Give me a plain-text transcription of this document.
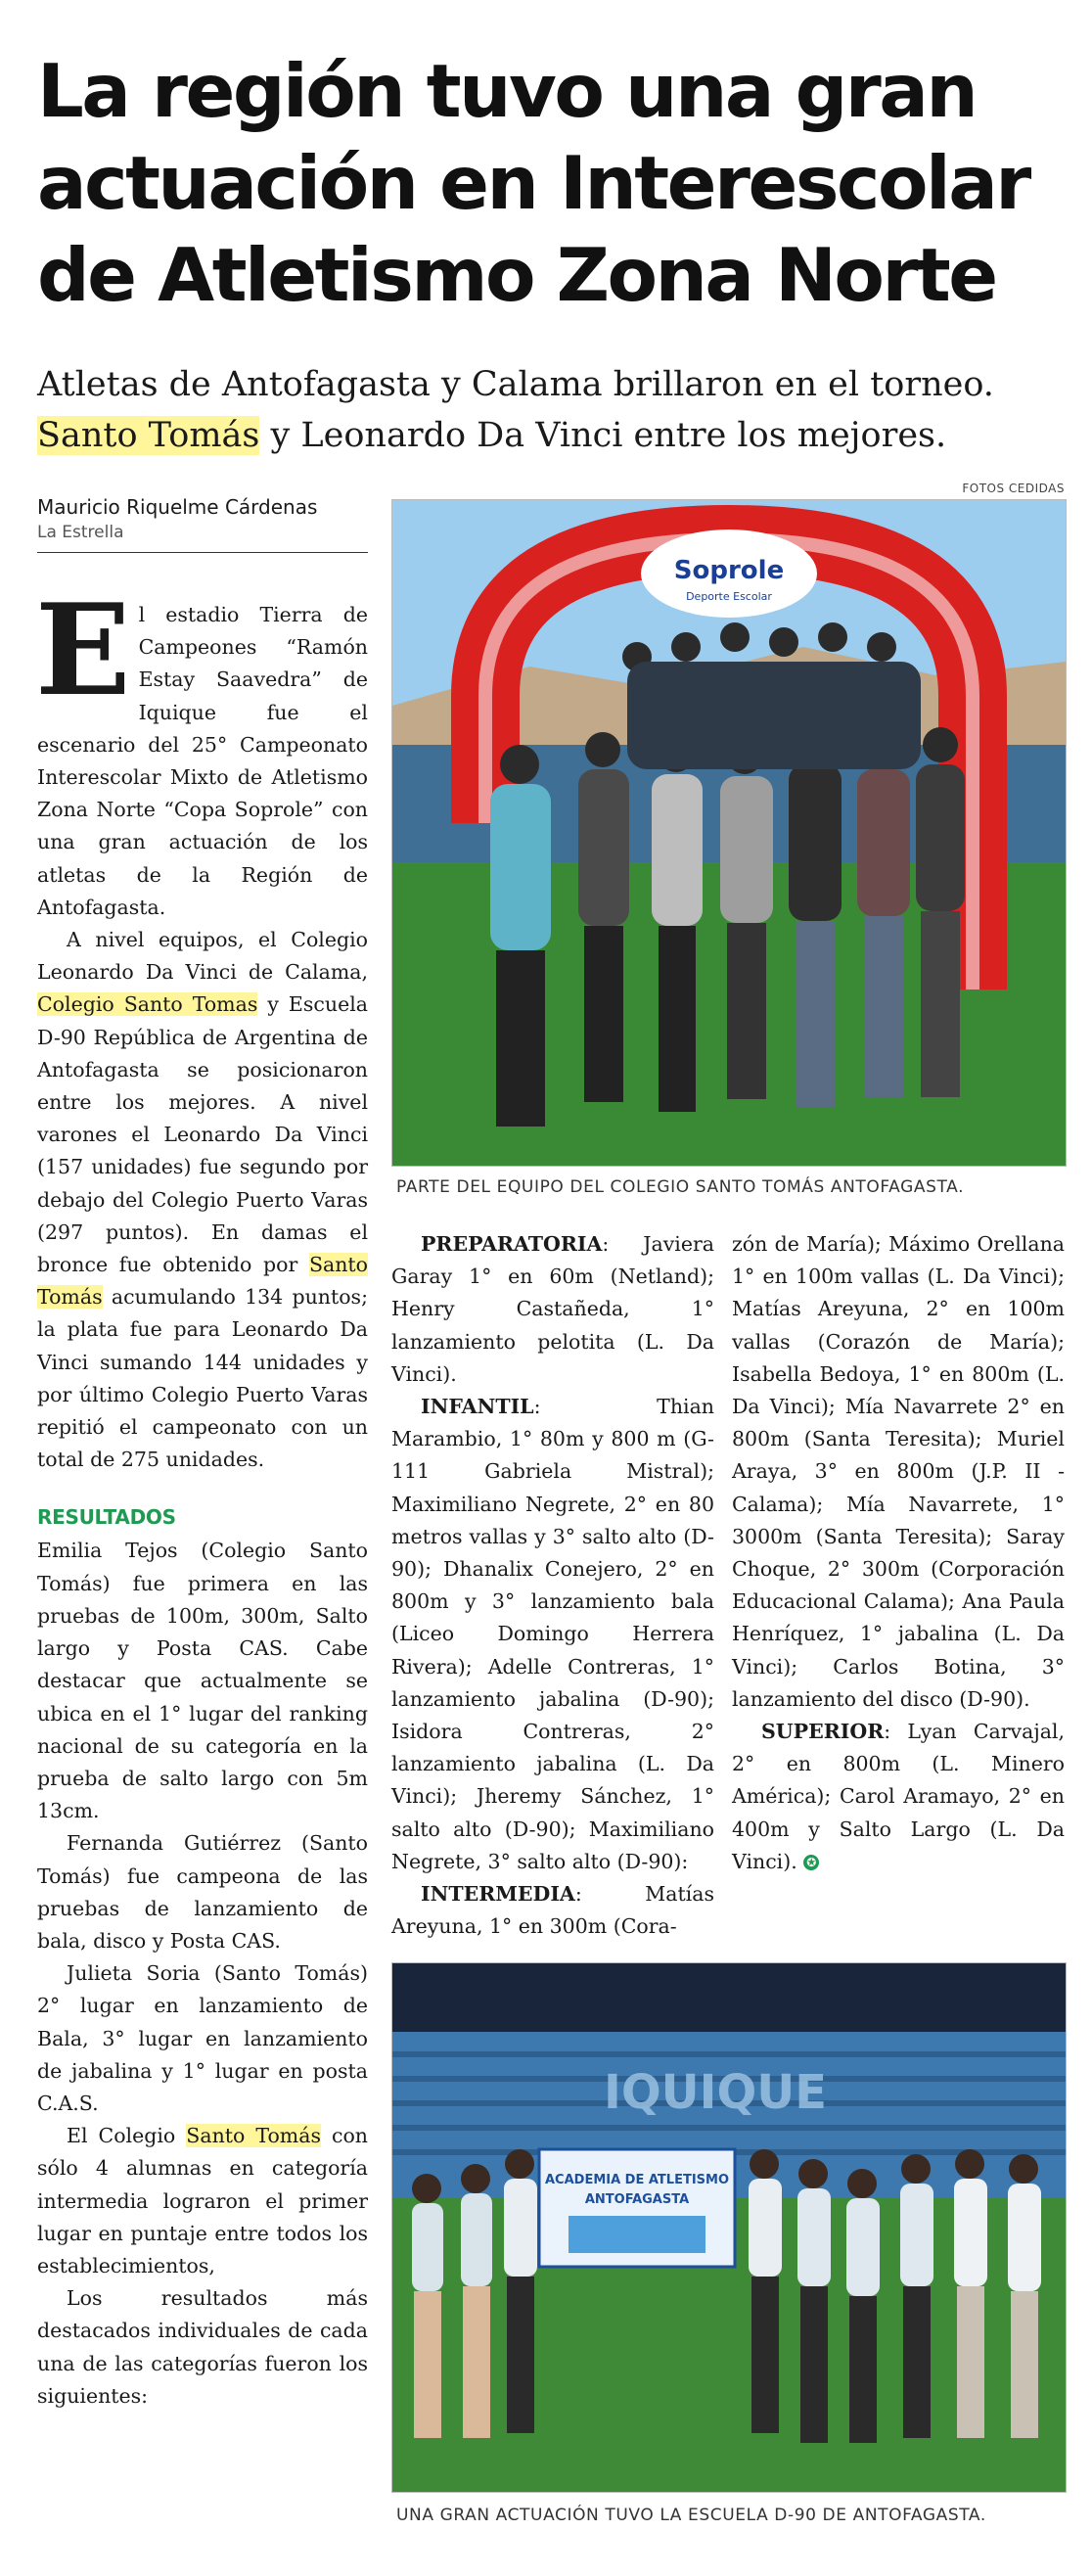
La región tuvo una gran
actuación en Interescolar
de Atletismo Zona Norte
Atletas de Antofagasta y Calama brillaron en el torneo.
Santo Tomás y Leonardo Da Vinci entre los mejores.
Mauricio Riquelme Cárdenas
La Estrella
FOTOS CEDIDAS

El estadio Tierra de Campeones “Ramón Estay Saavedra” de Iquique fue el escenario del 25° Campeonato Interescolar Mixto de Atletismo Zona Norte “Copa Soprole” con una gran actuación de los atletas de la Región de Antofagasta.

A nivel equipos, el Colegio Leonardo Da Vinci de Calama, Colegio Santo Tomas y Escuela D-90 República de Argentina de Antofagasta se posicionaron entre los mejores. A nivel varones el Leonardo Da Vinci (157 unidades) fue segundo por debajo del Colegio Puerto Varas (297 puntos). En damas el bronce fue obtenido por Santo Tomás acumulando 134 puntos; la plata fue para Leonardo Da Vinci sumando 144 unidades y por último Colegio Puerto Varas repitió el campeonato con un total de 275 unidades.

RESULTADOS

Emilia Tejos (Colegio Santo Tomás) fue primera en las pruebas de 100m, 300m, Salto largo y Posta CAS. Cabe destacar que actualmente se ubica en el 1° lugar del ranking nacional de su categoría en la prueba de salto largo con 5m 13cm.

Fernanda Gutiérrez (Santo Tomás) fue campeona de las pruebas de lanzamiento de bala, disco y Posta CAS.

Julieta Soria (Santo Tomás) 2° lugar en lanzamiento de Bala, 3° lugar en lanzamiento de jabalina y 1° lugar en posta C.A.S.

El Colegio Santo Tomás con sólo 4 alumnas en categoría intermedia lograron el primer lugar en puntaje entre todos los establecimientos,

Los resultados más destacados individuales de cada una de las categorías fueron los siguientes:

Soprole
Deporte Escolar
PARTE DEL EQUIPO DEL COLEGIO SANTO TOMÁS ANTOFAGASTA.

PREPARATORIA: Javiera Garay 1° en 60m (Netland); Henry Castañeda, 1° lanzamiento pelotita (L. Da Vinci).

INFANTIL: Thian Marambio, 1° 80m y 800 m (G-111 Gabriela Mistral); Maximiliano Negrete, 2° en 80 metros vallas y 3° salto alto (D-90); Dhanalix Conejero, 2° en 800m y 3° lanzamiento bala (Liceo Domingo Herrera Rivera); Adelle Contreras, 1° lanzamiento jabalina (D-90); Isidora Contreras, 2° lanzamiento jabalina (L. Da Vinci); Jheremy Sánchez, 1° salto alto (D-90); Maximiliano Negrete, 3° salto alto (D-90):

INTERMEDIA: Matías Areyuna, 1° en 300m (Cora-

zón de María); Máximo Orellana 1° en 100m vallas (L. Da Vinci); Matías Areyuna, 2° en 100m vallas (Corazón de María); Isabella Bedoya, 1° en 800m (L. Da Vinci); Mía Navarrete 2° en 800m (Santa Teresita); Muriel Araya, 3° en 800m (J.P. II - Calama); Mía Navarrete, 1° 3000m (Santa Teresita); Saray Choque, 2° 300m (Corporación Educacional Calama); Ana Paula Henríquez, 1° jabalina (L. Da Vinci); Carlos Botina, 3° lanzamiento del disco (D-90).

SUPERIOR: Lyan Carvajal, 2° en 800m (L. Minero América); Carol Aramayo, 2° en 400m y Salto Largo (L. Da Vinci). ✪

IQUIQUE
ACADEMIA DE ATLETISMO
ANTOFAGASTA
UNA GRAN ACTUACIÓN TUVO LA ESCUELA D-90 DE ANTOFAGASTA.
